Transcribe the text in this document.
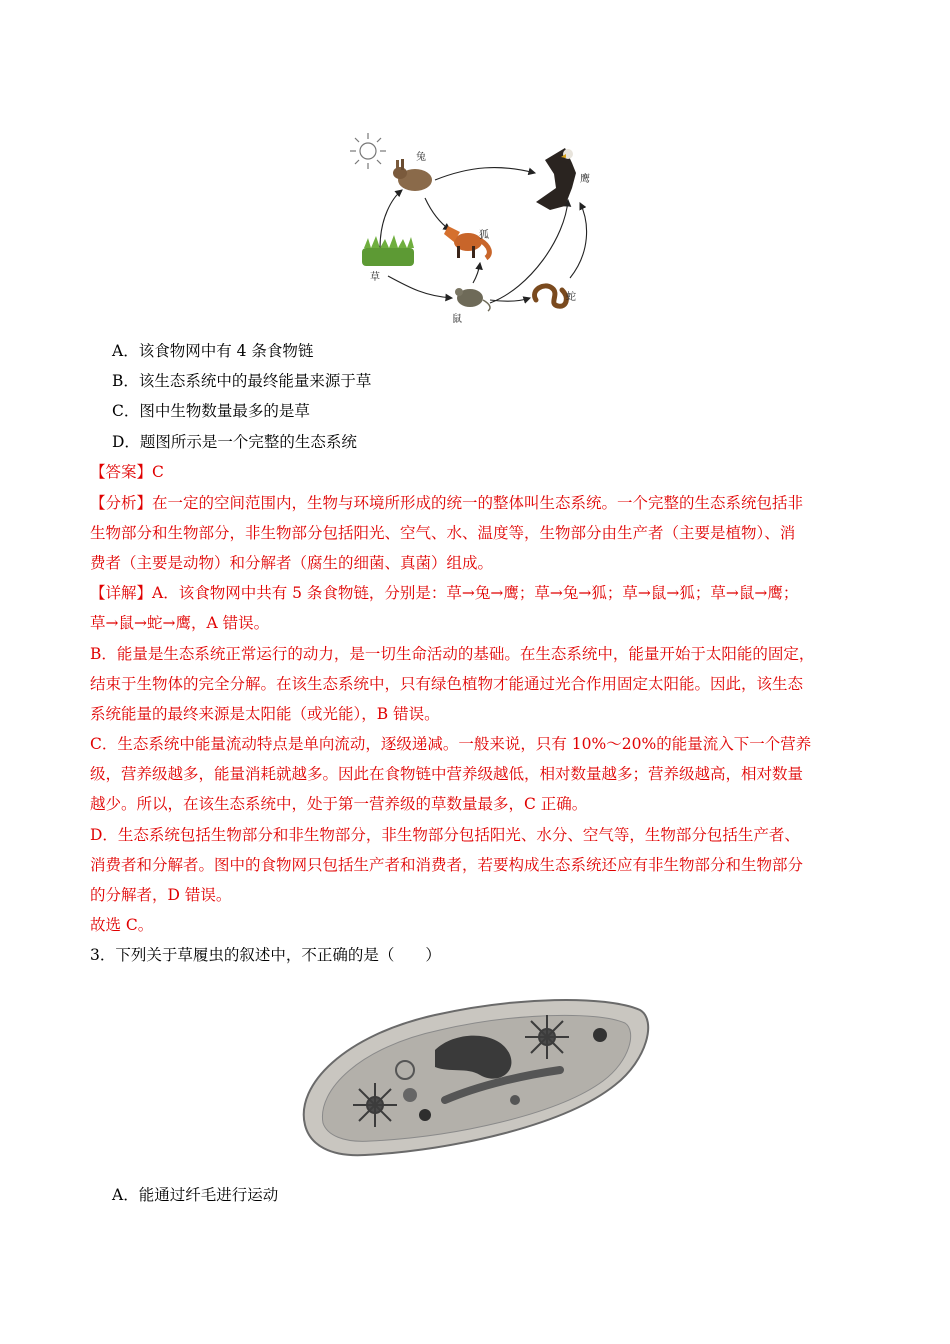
兔
鹰
狐
草
鼠
蛇
A．该食物网中有 4 条食物链
B．该生态系统中的最终能量来源于草
C．图中生物数量最多的是草
D．题图所示是一个完整的生态系统
【答案】C
【分析】在一定的空间范围内，生物与环境所形成的统一的整体叫生态系统。一个完整的生态系统包括非
生物部分和生物部分，非生物部分包括阳光、空气、水、温度等，生物部分由生产者（主要是植物）、消
费者（主要是动物）和分解者（腐生的细菌、真菌）组成。
【详解】A．该食物网中共有 5 条食物链，分别是：草→兔→鹰；草→兔→狐；草→鼠→狐；草→鼠→鹰；
草→鼠→蛇→鹰，A 错误。
B．能量是生态系统正常运行的动力，是一切生命活动的基础。在生态系统中，能量开始于太阳能的固定，
结束于生物体的完全分解。在该生态系统中，只有绿色植物才能通过光合作用固定太阳能。因此，该生态
系统能量的最终来源是太阳能（或光能），B 错误。
C．生态系统中能量流动特点是单向流动，逐级递减。一般来说，只有 10%～20%的能量流入下一个营养
级，营养级越多，能量消耗就越多。因此在食物链中营养级越低，相对数量越多；营养级越高，相对数量
越少。所以，在该生态系统中，处于第一营养级的草数量最多，C 正确。
D．生态系统包括生物部分和非生物部分，非生物部分包括阳光、水分、空气等，生物部分包括生产者、
消费者和分解者。图中的食物网只包括生产者和消费者，若要构成生态系统还应有非生物部分和生物部分
的分解者，D 错误。
故选 C。
3．下列关于草履虫的叙述中，不正确的是（　　）
A．能通过纤毛进行运动
